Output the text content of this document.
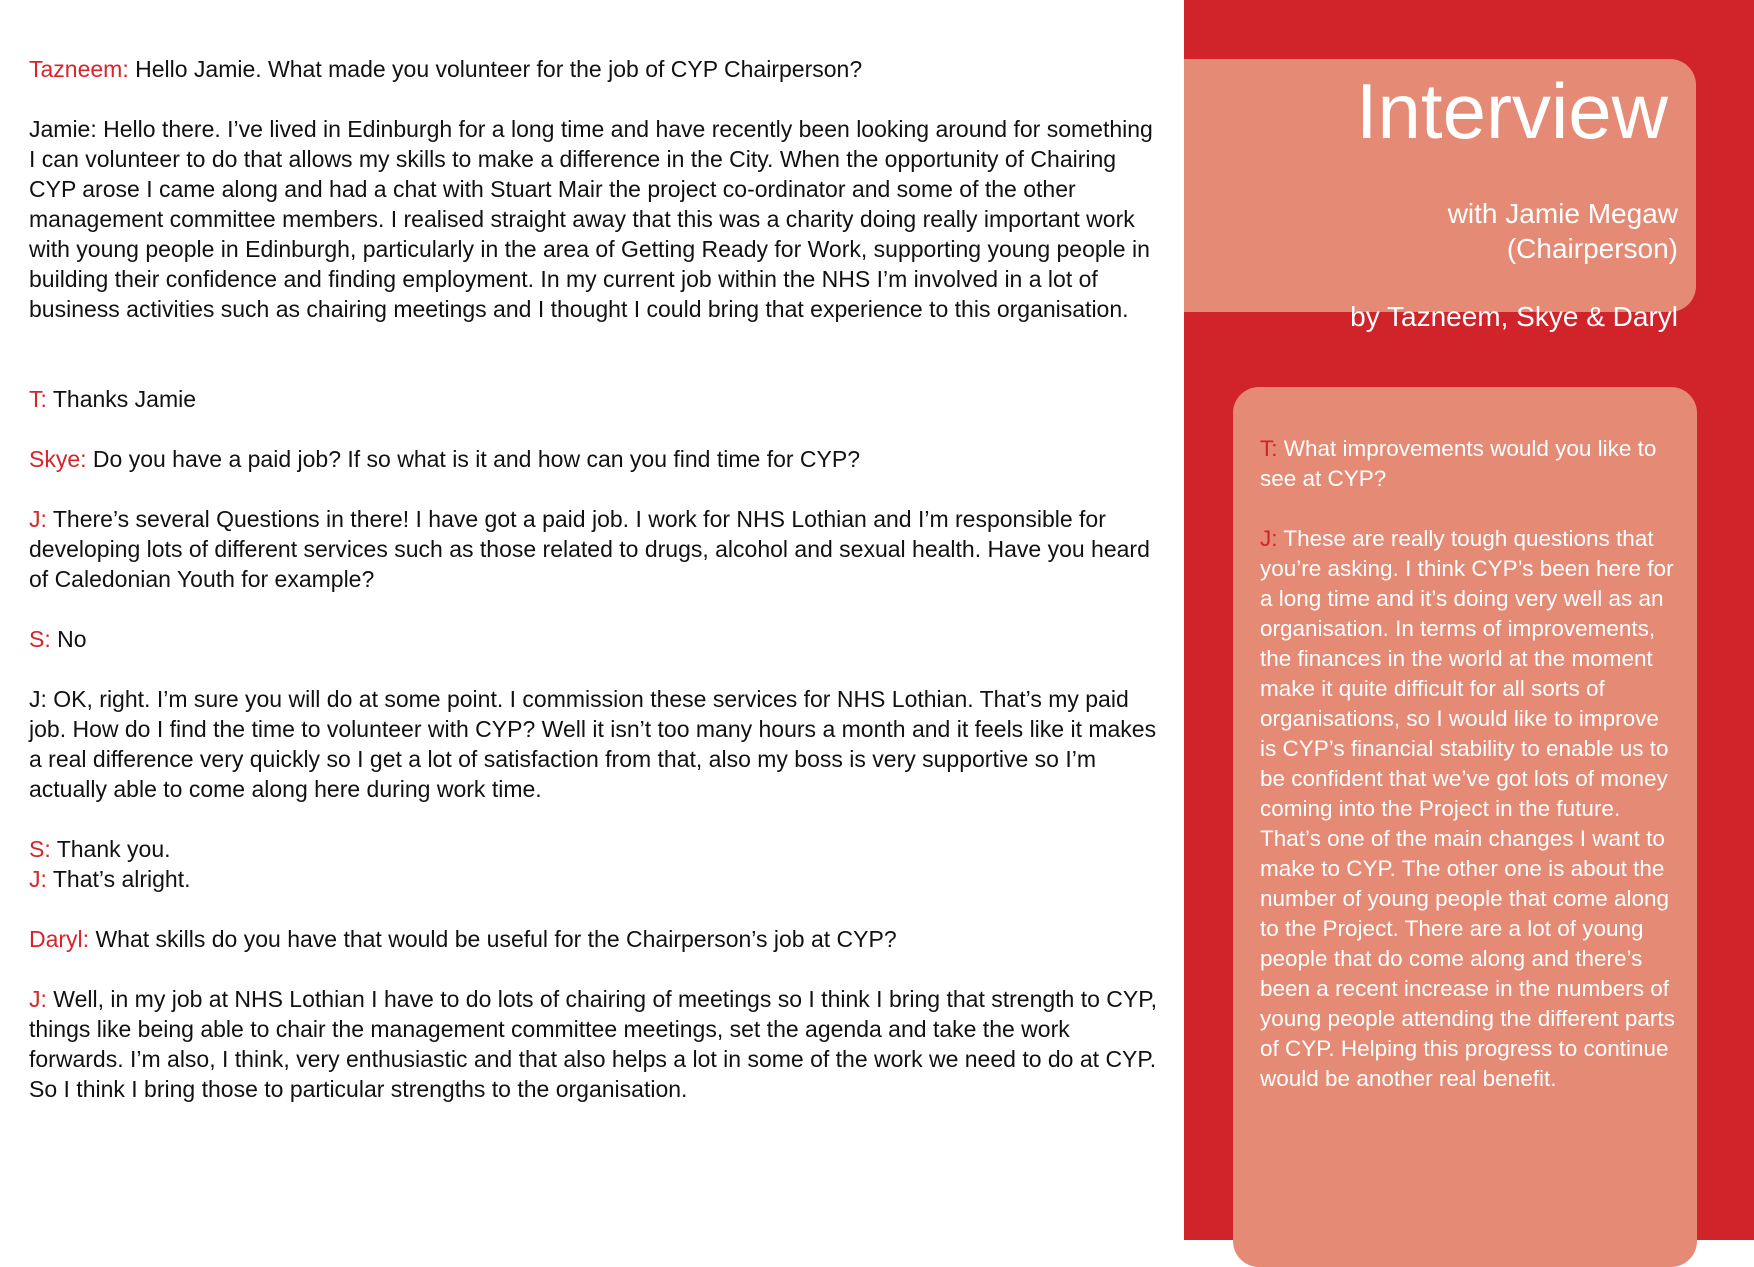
Tazneem: Hello Jamie. What made you volunteer for the job of CYP Chairperson?

Jamie: Hello there. I’ve lived in Edinburgh for a long time and have recently been looking around for something I can volunteer to do that allows my skills to make a difference in the City. When the opportunity of Chairing CYP arose I came along and had a chat with Stuart Mair the project co-ordinator and some of the other management committee members. I realised straight away that this was a charity doing really important work with young people in Edinburgh, particularly in the area of Getting Ready for Work, supporting young people in building their confidence and finding employment. In my current job within the NHS I’m involved in a lot of business activities such as chairing meetings and I thought I could bring that experience to this organisation.

T: Thanks Jamie

Skye: Do you have a paid job? If so what is it and how can you find time for CYP?

J: There’s several Questions in there! I have got a paid job. I work for NHS Lothian and I’m responsible for developing lots of different services such as those related to drugs, alcohol and sexual health. Have you heard of Caledonian Youth for example?

S: No

J: OK, right. I’m sure you will do at some point. I commission these services for NHS Lothian. That’s my paid job. How do I find the time to volunteer with CYP? Well it isn’t too many hours a month and it feels like it makes a real difference very quickly so I get a lot of satisfaction from that, also my boss is very supportive so I’m actually able to come along here during work time.

S: Thank you.

J: That’s alright.

Daryl: What skills do you have that would be useful for the Chairperson’s job at CYP?

J: Well, in my job at NHS Lothian I have to do lots of chairing of meetings so I think I bring that strength to CYP, things like being able to chair the management committee meetings, set the agenda and take the work forwards. I’m also, I think, very enthusiastic and that also helps a lot in some of the work we need to do at CYP. So I think I bring those to particular strengths to the organisation.

Interview
with Jamie Megaw
(Chairperson)
by Tazneem, Skye & Daryl

T: What improvements would you like to see at CYP?

J: These are really tough questions that you’re asking. I think CYP’s been here for a long time and it’s doing very well as an organisation. In terms of improvements, the finances in the world at the moment make it quite difficult for all sorts of organisations, so I would like to improve is CYP’s financial stability to enable us to be confident that we’ve got lots of money coming into the Project in the future. That’s one of the main changes I want to make to CYP. The other one is about the number of young people that come along to the Project. There are a lot of young people that do come along and there’s been a recent increase in the numbers of young people attending the different parts of CYP. Helping this progress to continue would be another real benefit.
